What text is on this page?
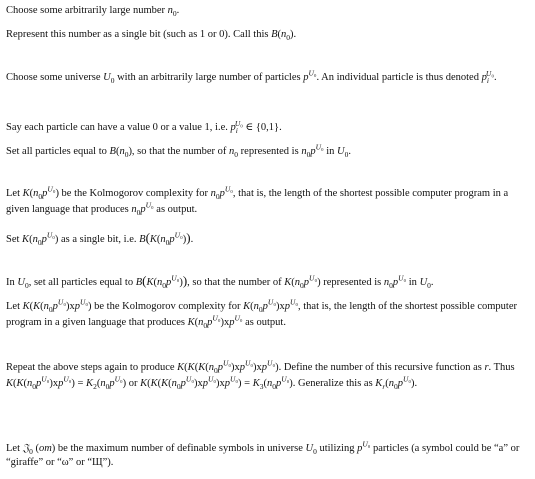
Choose some arbitrarily large number $n_0$.

Represent this number as a single bit (such as 1 or 0). Call this $B(n_0)$.

Choose some universe $U_0$ with an arbitrarily large number of particles $p^{U_0}$. An individual particle is thus denoted $p_i^{U_0}$.

Say each particle can have a value 0 or a value 1, i.e. $p_i^{U_0}$ ∈ {0,1}.

Set all particles equal to $B(n_0)$, so that the number of $n_0$ represented is $n_0p^{U_0}$ in $U_0$.

Let $K(n_0p^{U_0})$ be the Kolmogorov complexity for $n_0p^{U_0}$, that is, the length of the shortest possible computer program in a given language that produces $n_0p^{U_0}$ as output.

Set $K(n_0p^{U_0})$ as a single bit, i.e. $B(K(n_0p^{U_0}))$.

In $U_0$, set all particles equal to $B(K(n_0p^{U_0}))$, so that the number of $K(n_0p^{U_0})$ represented is $n_0p^{U_0}$ in $U_0$.

Let $K(K(n_0p^{U_0})xp^{U_0})$ be the Kolmogorov complexity for $K(n_0p^{U_0})xp^{U_0}$, that is, the length of the shortest possible computer program in a given language that produces $K(n_0p^{U_0})xp^{U_0}$ as output.

Repeat the above steps again to produce $K(K(K(n_0p^{U_0})xp^{U_0})xp^{U_0})$. Define the number of this recursive function as r. Thus $K(K(n_0p^{U_0})xp^{U_0}) = K_2(n_0p^{U_0})$ or $K(K(K(n_0p^{U_0})xp^{U_0})xp^{U_0}) = K_3(n_0p^{U_0})$. Generalize this as $K_r(n_0p^{U_0})$.

Let 𝔍$_0$ (om) be the maximum number of definable symbols in universe $U_0$ utilizing $p^{U_0}$ particles (a symbol could be “a” or “giraffe” or “ω” or “Щ”).
